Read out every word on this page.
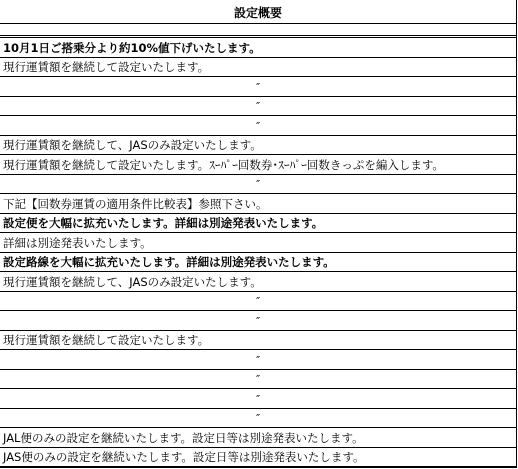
設定概要
10月1日ご搭乗分より約10%値下げいたします。
現行運賃額を継続して設定いたします。
″
″
″
現行運賃額を継続して、JASのみ設定いたします。
現行運賃額を継続して設定いたします。ｽｰﾊﾟｰ回数券･ｽｰﾊﾟｰ回数きっぷを編入します。
″
下記【回数券運賃の適用条件比較表】参照下さい。
設定便を大幅に拡充いたします。詳細は別途発表いたします。
詳細は別途発表いたします。
設定路線を大幅に拡充いたします。詳細は別途発表いたします。
現行運賃額を継続して、JASのみ設定いたします。
″
″
現行運賃額を継続して設定いたします。
″
″
″
″
JAL便のみの設定を継続いたします。設定日等は別途発表いたします。
JAS便のみの設定を継続いたします。設定日等は別途発表いたします。
